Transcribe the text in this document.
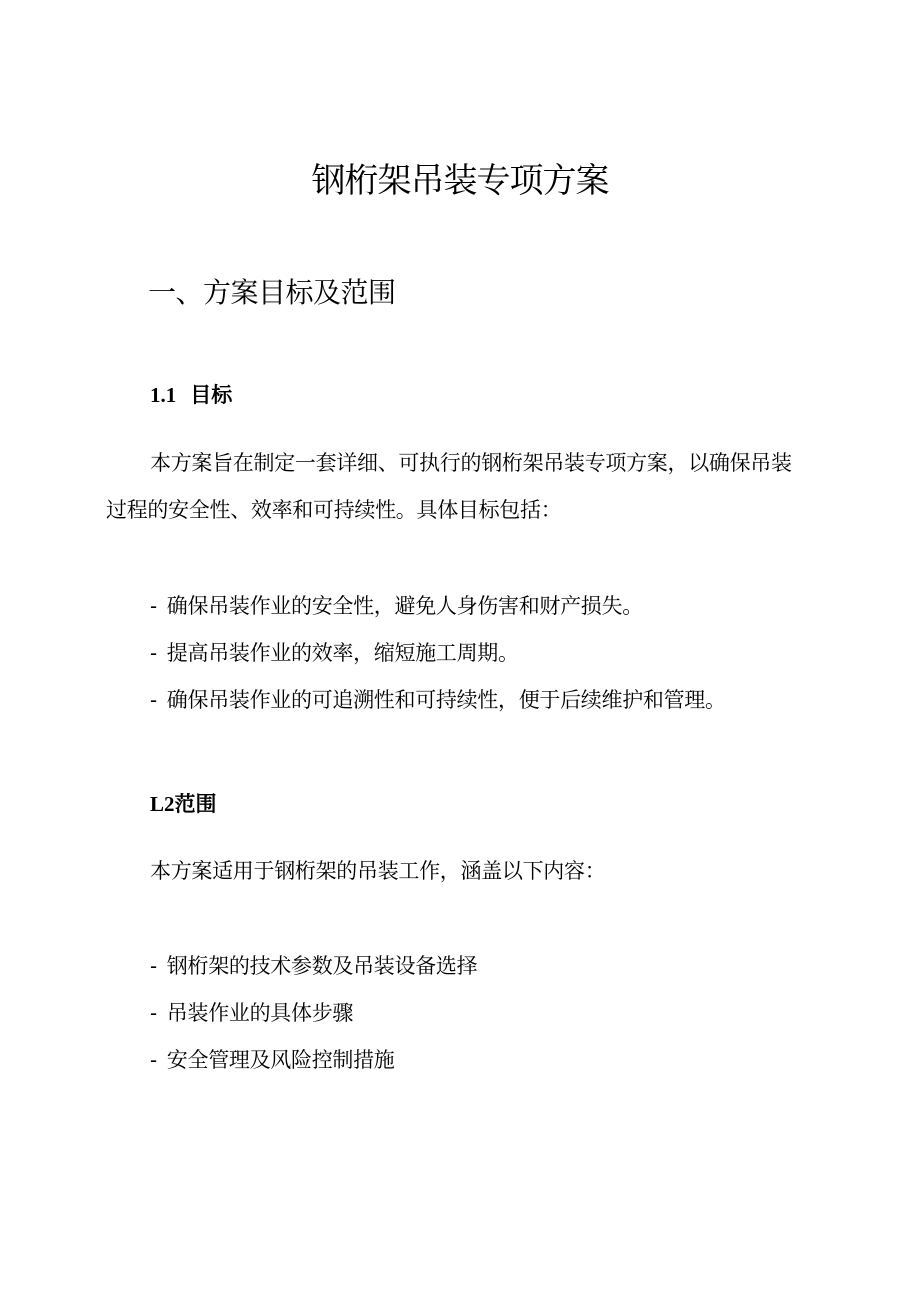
钢桁架吊装专项方案
一、方案目标及范围
1.1 目标
本方案旨在制定一套详细、可执行的钢桁架吊装专项方案，以确保吊装过程的安全性、效率和可持续性。具体目标包括：
- 确保吊装作业的安全性，避免人身伤害和财产损失。
- 提高吊装作业的效率，缩短施工周期。
- 确保吊装作业的可追溯性和可持续性，便于后续维护和管理。
L2范围
本方案适用于钢桁架的吊装工作，涵盖以下内容：
- 钢桁架的技术参数及吊装设备选择
- 吊装作业的具体步骤
- 安全管理及风险控制措施
